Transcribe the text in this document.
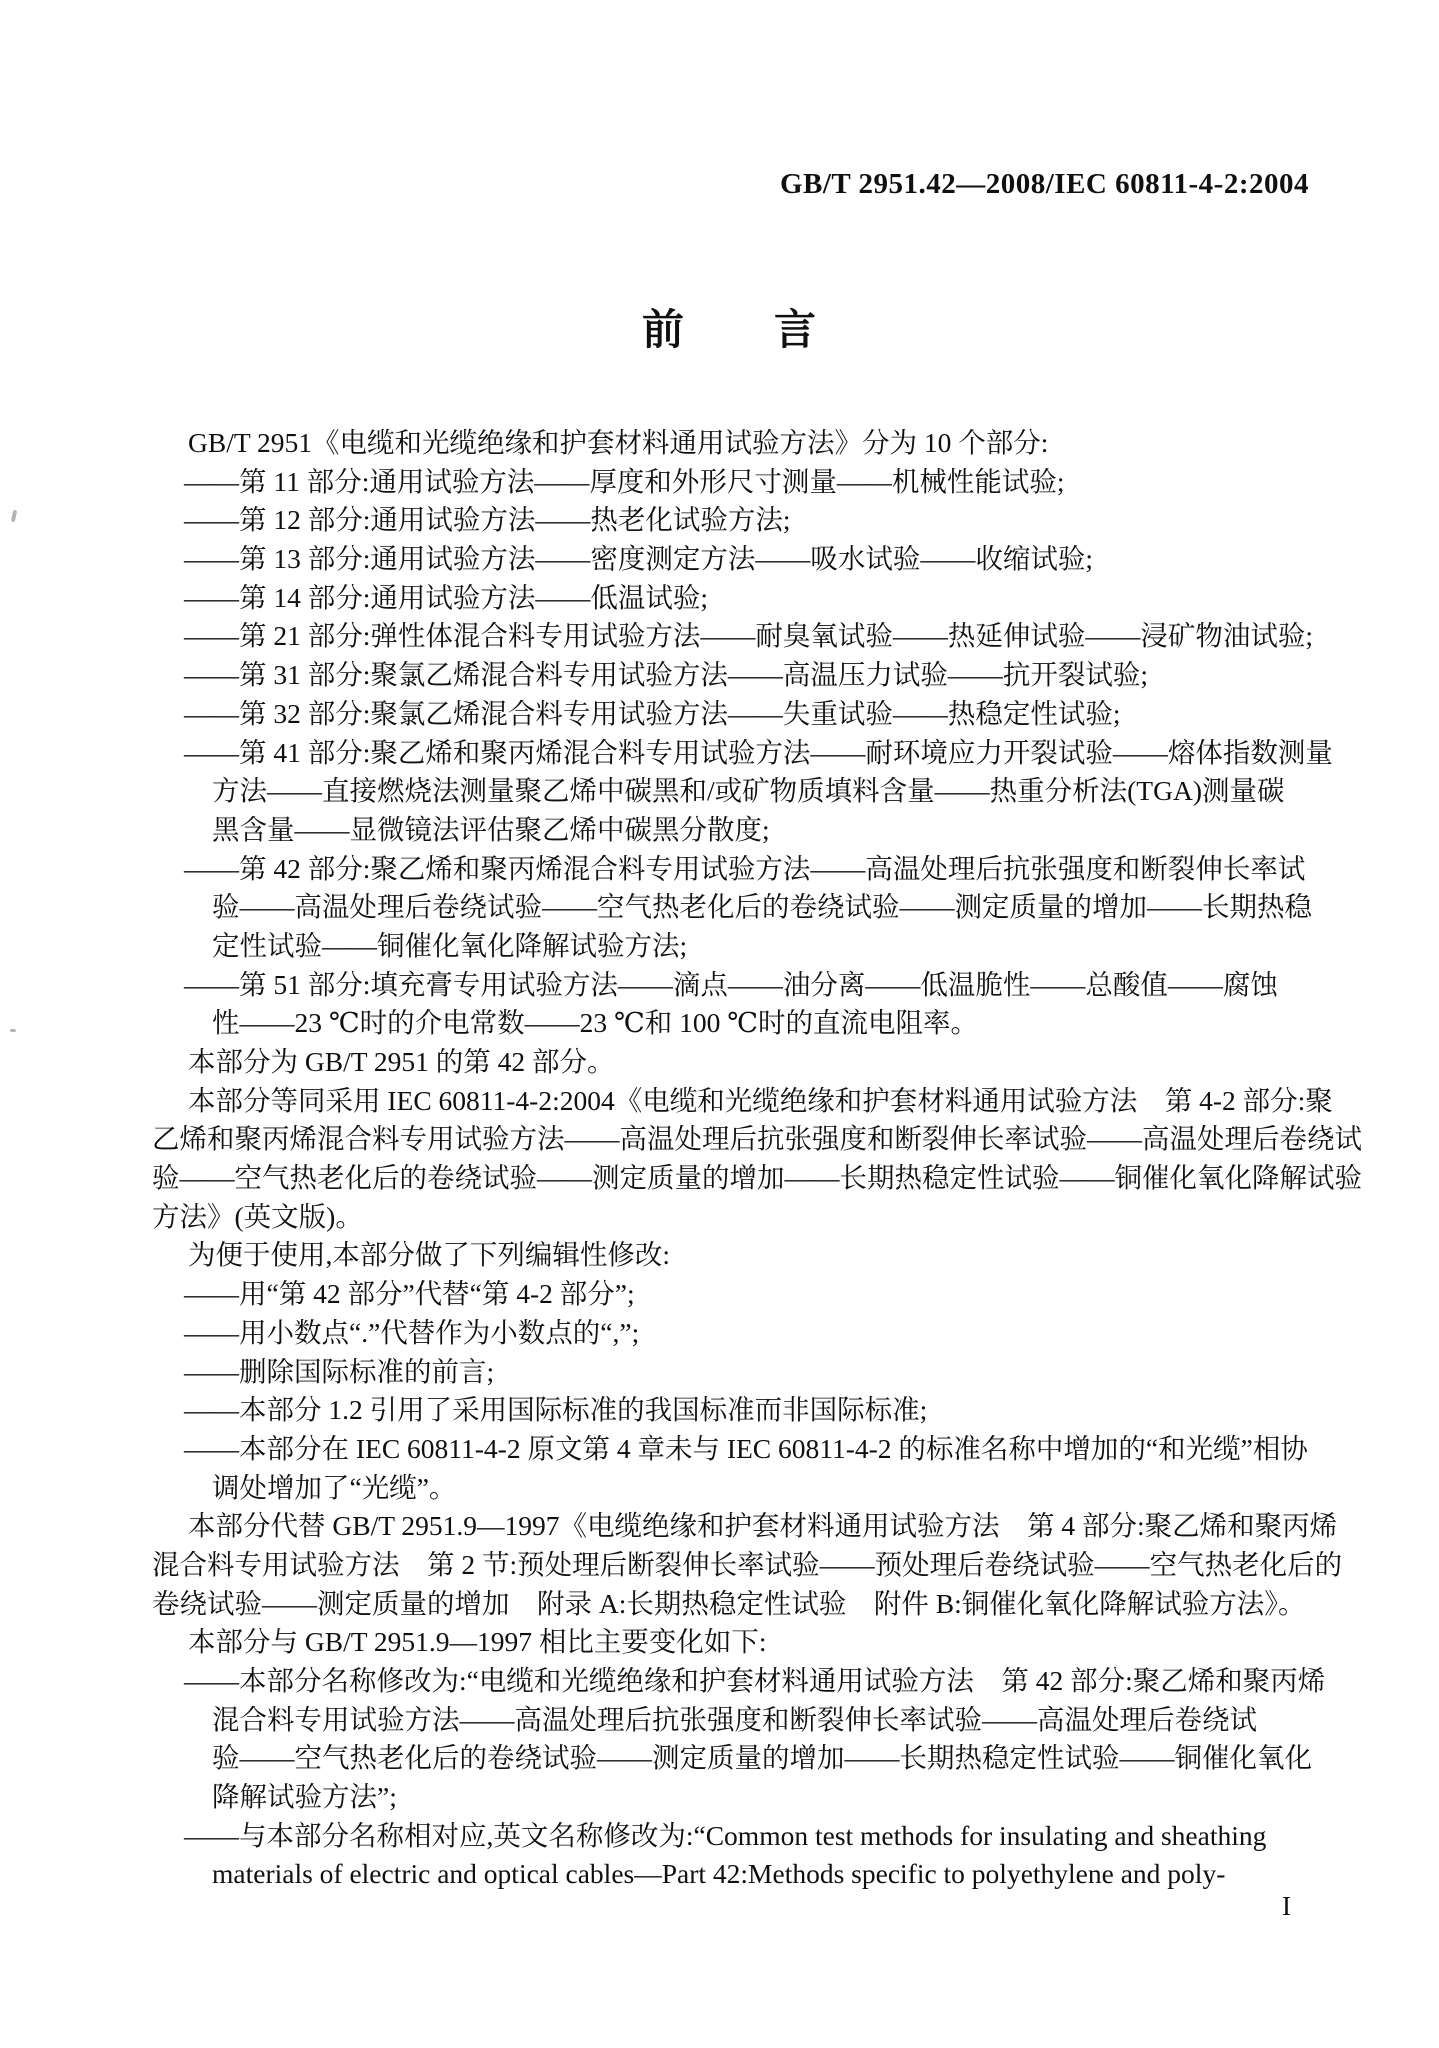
GB/T 2951.42—2008/IEC 60811-4-2:2004
前　　言
GB/T 2951《电缆和光缆绝缘和护套材料通用试验方法》分为 10 个部分:
——第 11 部分:通用试验方法——厚度和外形尺寸测量——机械性能试验;
——第 12 部分:通用试验方法——热老化试验方法;
——第 13 部分:通用试验方法——密度测定方法——吸水试验——收缩试验;
——第 14 部分:通用试验方法——低温试验;
——第 21 部分:弹性体混合料专用试验方法——耐臭氧试验——热延伸试验——浸矿物油试验;
——第 31 部分:聚氯乙烯混合料专用试验方法——高温压力试验——抗开裂试验;
——第 32 部分:聚氯乙烯混合料专用试验方法——失重试验——热稳定性试验;
——第 41 部分:聚乙烯和聚丙烯混合料专用试验方法——耐环境应力开裂试验——熔体指数测量
方法——直接燃烧法测量聚乙烯中碳黑和/或矿物质填料含量——热重分析法(TGA)测量碳
黑含量——显微镜法评估聚乙烯中碳黑分散度;
——第 42 部分:聚乙烯和聚丙烯混合料专用试验方法——高温处理后抗张强度和断裂伸长率试
验——高温处理后卷绕试验——空气热老化后的卷绕试验——测定质量的增加——长期热稳
定性试验——铜催化氧化降解试验方法;
——第 51 部分:填充膏专用试验方法——滴点——油分离——低温脆性——总酸值——腐蚀
性——23 ℃时的介电常数——23 ℃和 100 ℃时的直流电阻率。
本部分为 GB/T 2951 的第 42 部分。
本部分等同采用 IEC 60811-4-2:2004《电缆和光缆绝缘和护套材料通用试验方法　第 4-2 部分:聚
乙烯和聚丙烯混合料专用试验方法——高温处理后抗张强度和断裂伸长率试验——高温处理后卷绕试
验——空气热老化后的卷绕试验——测定质量的增加——长期热稳定性试验——铜催化氧化降解试验
方法》(英文版)。
为便于使用,本部分做了下列编辑性修改:
——用“第 42 部分”代替“第 4-2 部分”;
——用小数点“.”代替作为小数点的“,”;
——删除国际标准的前言;
——本部分 1.2 引用了采用国际标准的我国标准而非国际标准;
——本部分在 IEC 60811-4-2 原文第 4 章未与 IEC 60811-4-2 的标准名称中增加的“和光缆”相协
调处增加了“光缆”。
本部分代替 GB/T 2951.9—1997《电缆绝缘和护套材料通用试验方法　第 4 部分:聚乙烯和聚丙烯
混合料专用试验方法　第 2 节:预处理后断裂伸长率试验——预处理后卷绕试验——空气热老化后的
卷绕试验——测定质量的增加　附录 A:长期热稳定性试验　附件 B:铜催化氧化降解试验方法》。
本部分与 GB/T 2951.9—1997 相比主要变化如下:
——本部分名称修改为:“电缆和光缆绝缘和护套材料通用试验方法　第 42 部分:聚乙烯和聚丙烯
混合料专用试验方法——高温处理后抗张强度和断裂伸长率试验——高温处理后卷绕试
验——空气热老化后的卷绕试验——测定质量的增加——长期热稳定性试验——铜催化氧化
降解试验方法”;
——与本部分名称相对应,英文名称修改为:“Common test methods for insulating and sheathing
materials of electric and optical cables—Part 42:Methods specific to polyethylene and poly-
I
